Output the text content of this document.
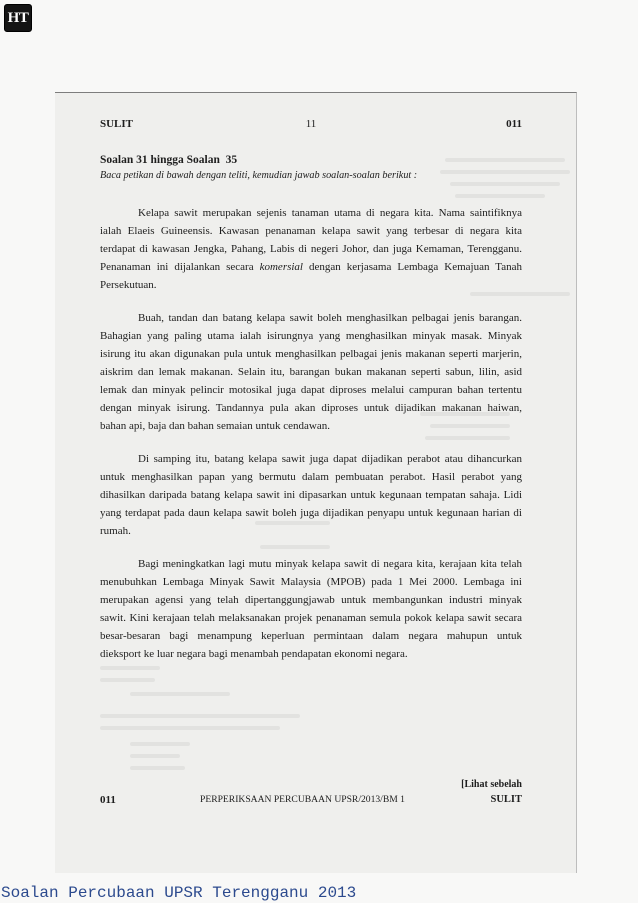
HT
SULIT	11	011
Soalan 31 hingga Soalan  35
Baca petikan di bawah dengan teliti, kemudian jawab soalan-soalan berikut :
Kelapa sawit merupakan sejenis tanaman utama di negara kita. Nama saintifiknya
ialah Elaeis Guineensis. Kawasan penanaman kelapa sawit yang terbesar di negara kita
terdapat di kawasan Jengka, Pahang, Labis di negeri Johor, dan juga Kemaman, Terengganu.
Penanaman ini dijalankan secara komersial dengan kerjasama Lembaga Kemajuan Tanah
Persekutuan.
Buah, tandan dan batang kelapa sawit boleh menghasilkan pelbagai jenis barangan.
Bahagian yang paling utama ialah isirungnya yang menghasilkan minyak masak. Minyak
isirung itu akan digunakan pula untuk menghasilkan pelbagai jenis makanan seperti marjerin,
aiskrim dan lemak makanan. Selain itu, barangan bukan makanan seperti sabun, lilin, asid
lemak dan minyak pelincir motosikal juga dapat diproses melalui campuran bahan tertentu
dengan minyak isirung. Tandannya pula akan diproses untuk dijadikan makanan haiwan,
bahan api, baja dan bahan semaian untuk cendawan.
Di samping itu, batang kelapa sawit juga dapat dijadikan perabot atau dihancurkan
untuk menghasilkan papan yang bermutu dalam pembuatan perabot. Hasil perabot yang
dihasilkan daripada batang kelapa sawit ini dipasarkan untuk kegunaan tempatan sahaja. Lidi
yang terdapat pada daun kelapa sawit boleh juga dijadikan penyapu untuk kegunaan harian di
rumah.
Bagi meningkatkan lagi mutu minyak kelapa sawit di negara kita, kerajaan kita telah
menubuhkan Lembaga Minyak Sawit Malaysia (MPOB) pada 1 Mei 2000. Lembaga ini
merupakan agensi yang telah dipertanggungjawab untuk membangunkan industri minyak
sawit. Kini kerajaan telah melaksanakan projek penanaman semula pokok kelapa sawit secara
besar-besaran bagi menampung keperluan permintaan dalam negara mahupun untuk
dieksport ke luar negara bagi menambah pendapatan ekonomi negara.
[Lihat sebelah
011	PERPERIKSAAN PERCUBAAN UPSR/2013/BM 1	SULIT
Soalan Percubaan UPSR Terengganu 2013
